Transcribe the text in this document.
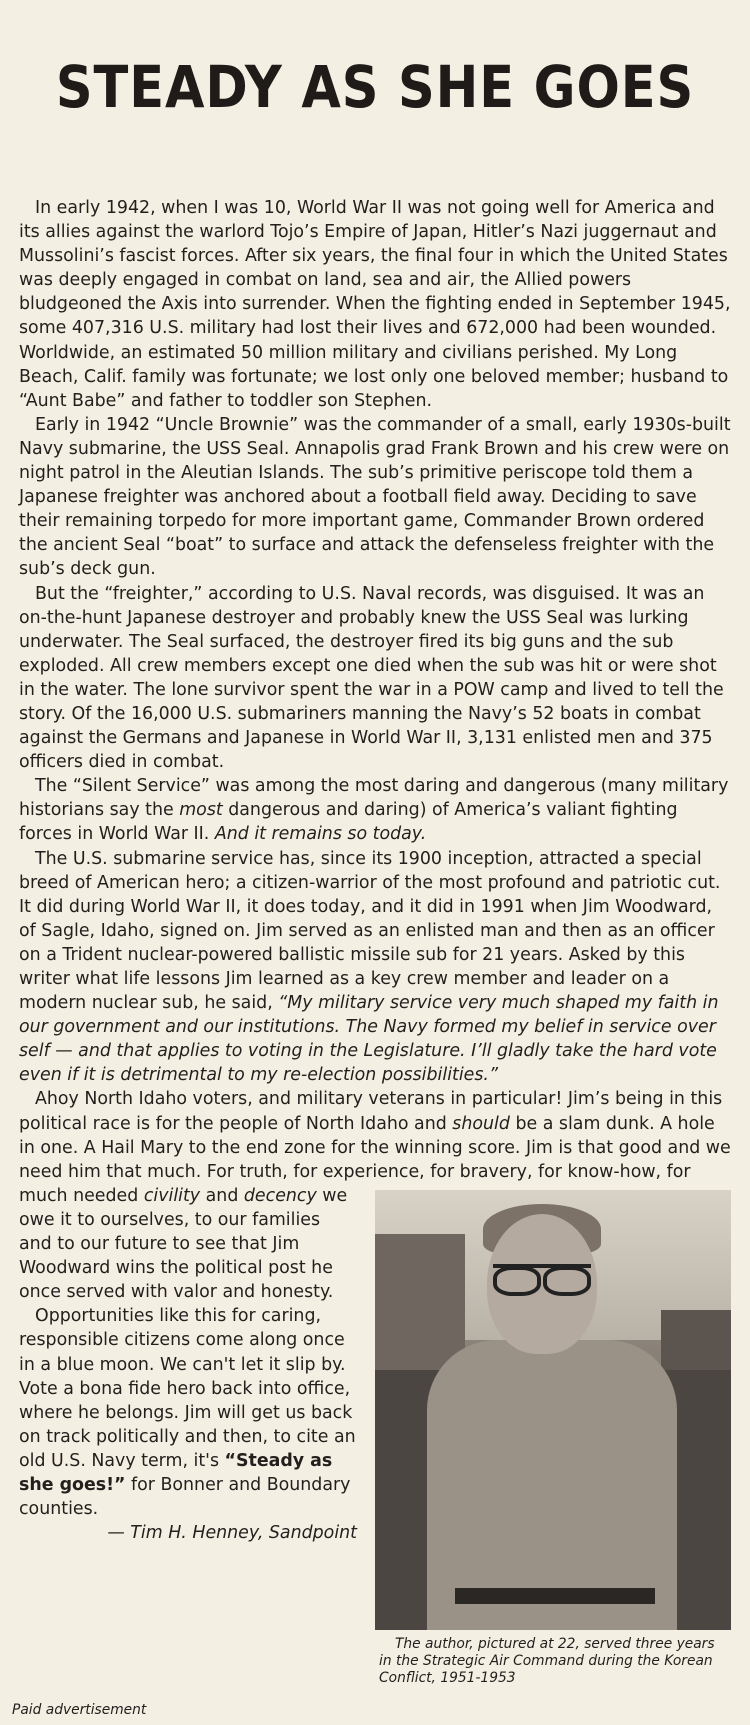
STEADY AS SHE GOES

In early 1942, when I was 10, World War II was not going well for America and its allies against the warlord Tojo’s Empire of Japan, Hitler’s Nazi juggernaut and Mussolini’s fascist forces. After six years, the final four in which the United States was deeply engaged in combat on land, sea and air, the Allied powers bludgeoned the Axis into surrender. When the fighting ended in September 1945, some 407,316 U.S. military had lost their lives and 672,000 had been wounded. Worldwide, an estimated 50 million military and civilians perished. My Long Beach, Calif. family was fortunate; we lost only one beloved member; husband to “Aunt Babe” and father to toddler son Stephen.

Early in 1942 “Uncle Brownie” was the commander of a small, early 1930s-built Navy submarine, the USS Seal. Annapolis grad Frank Brown and his crew were on night patrol in the Aleutian Islands. The sub’s primitive periscope told them a Japanese freighter was anchored about a football field away. Deciding to save their remaining torpedo for more important game, Commander Brown ordered the ancient Seal “boat” to surface and attack the defenseless freighter with the sub’s deck gun.

But the “freighter,” according to U.S. Naval records, was disguised. It was an on-the-hunt Japanese destroyer and probably knew the USS Seal was lurking underwater. The Seal surfaced, the destroyer fired its big guns and the sub exploded. All crew members except one died when the sub was hit or were shot in the water. The lone survivor spent the war in a POW camp and lived to tell the story. Of the 16,000 U.S. submariners manning the Navy’s 52 boats in combat against the Germans and Japanese in World War II, 3,131 enlisted men and 375 officers died in combat.

The “Silent Service” was among the most daring and dangerous (many military historians say the most dangerous and daring) of America’s valiant fighting forces in World War II. And it remains so today.

The U.S. submarine service has, since its 1900 inception, attracted a special breed of American hero; a citizen-warrior of the most profound and patriotic cut. It did during World War II, it does today, and it did in 1991 when Jim Woodward, of Sagle, Idaho, signed on. Jim served as an enlisted man and then as an officer on a Trident nuclear-powered ballistic missile sub for 21 years. Asked by this writer what life lessons Jim learned as a key crew member and leader on a modern nuclear sub, he said, “My military service very much shaped my faith in our government and our institutions. The Navy formed my belief in service over self — and that applies to voting in the Legislature. I’ll gladly take the hard vote even if it is detrimental to my re-election possibilities.”

Ahoy North Idaho voters, and military veterans in particular! Jim’s being in this political race is for the people of North Idaho and should be a slam dunk. A hole in one. A Hail Mary to the end zone for the winning score. Jim is that good and we need him that much. For truth, for experience, for bravery, for know-how, for much needed
The author, pictured at 22, served three years in the Strategic Air Command during the Korean Conflict, 1951-1953
civility and decency we owe it to ourselves, to our families and to our future to see that Jim Woodward wins the political post he once served with valor and honesty.

Opportunities like this for caring, responsible citizens come along once in a blue moon. We can't let it slip by. Vote a bona fide hero back into office, where he belongs. Jim will get us back on track politically and then, to cite an old U.S. Navy term, it's “Steady as she goes!” for Bonner and Boundary counties.

— Tim H. Henney, Sandpoint

Paid advertisement
